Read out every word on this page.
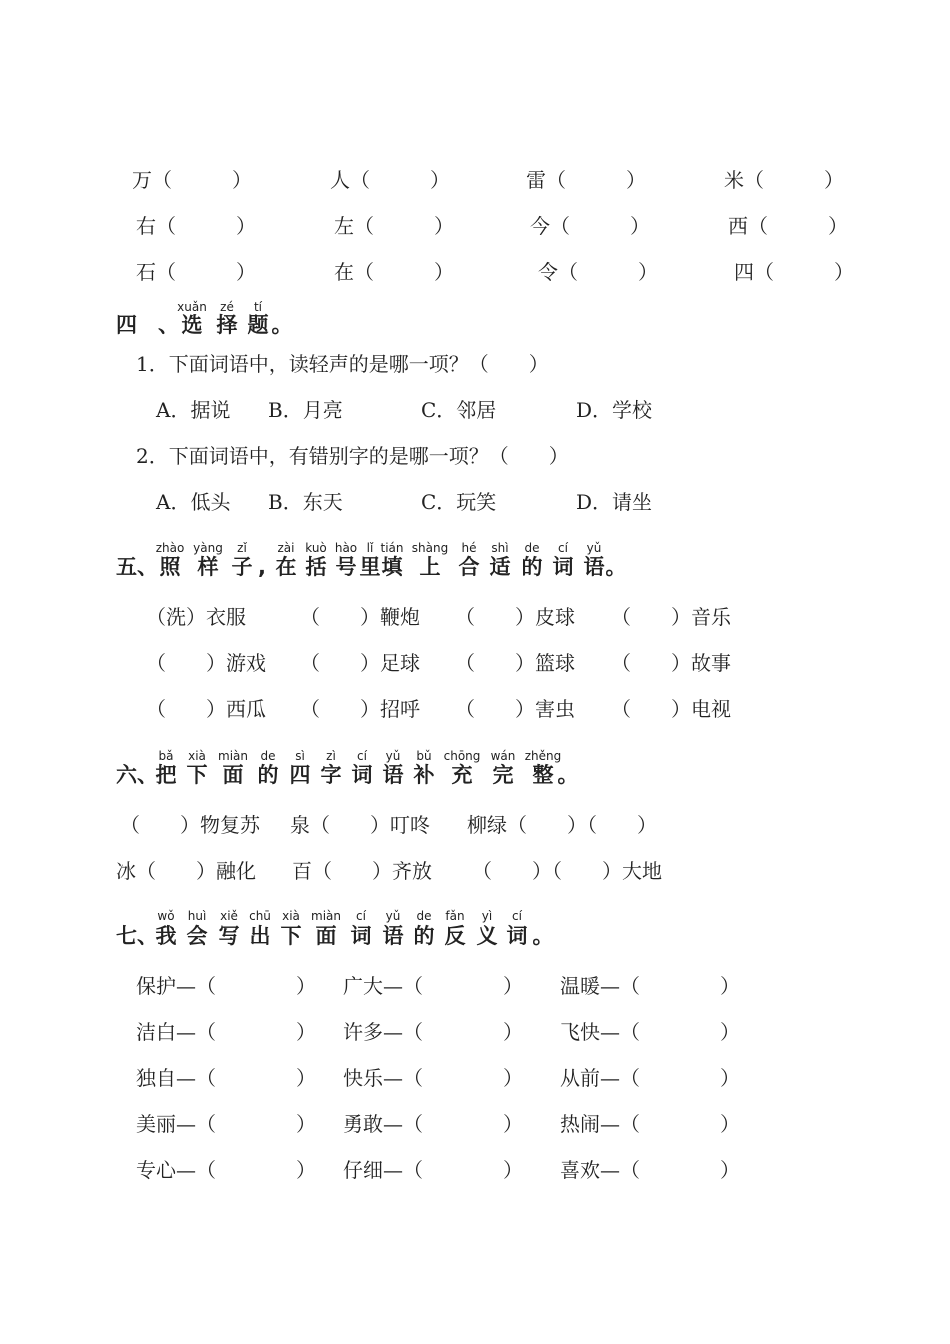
万（　　　）	人（　　　）	雷（　　　）	米（　　　）
右（　　　）	左（　　　）	今（　　　）	西（　　　）
石（　　　）	在（　　　）	令（　　　）	四（　　　）
xuǎn zé tí
四　、 选 择 题 。
1．下面词语中，读轻声的是哪一项？（　　）
A．据说 B．月亮	C．邻居	D．学校
2．下面词语中，有错别字的是哪一项？（　　）
A．低头 B．东天	C．玩笑	D．请坐
zhào yàng zǐ	zài kuò hào lǐ tián shàng hé shì de cí yǔ
五、 照 样 子 , 在 括 号 里 填 上 合 适 的 词 语 。
（洗）衣服	（　　）鞭炮 （　　）皮球 （　　）音乐
（　　）游戏 （　　）足球 （　　）篮球 （　　）故事
（　　）西瓜 （　　）招呼 （　　）害虫 （　　）电视
bǎ xià miàn de sì zì cí yǔ bǔ chōng wán zhěng
六、
把 下 面 的 四 字 词 语 补 充 完 整 。
（　　）物复苏 泉（　　）叮咚 柳绿（　　）（　　）
冰（　　）融化 百（　　）齐放 （　　）（　　）大地
wǒ huì xiě chū xià miàn cí yǔ de fǎn yì cí
七、
我 会 写 出 下 面 词 语 的 反 义 词 。
保护—（　　　　） 广大—（　　　　） 温暖—（　　　　）
洁白—（　　　　） 许多—（　　　　） 飞快—（　　　　）
独自—（　　　　） 快乐—（　　　　） 从前—（　　　　）
美丽—（　　　　） 勇敢—（　　　　） 热闹—（　　　　）
专心—（　　　　） 仔细—（　　　　） 喜欢—（　　　　）
